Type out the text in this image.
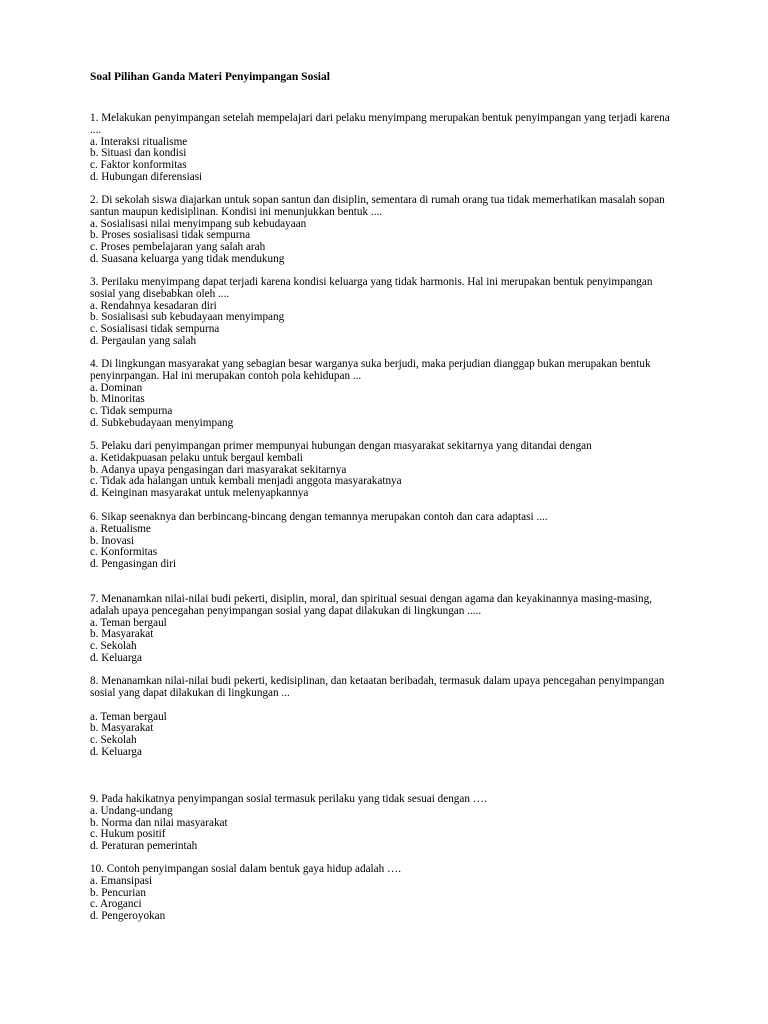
Soal Pilihan Ganda Materi Penyimpangan Sosial

1. Melakukan penyimpangan setelah mempelajari dari pelaku menyimpang merupakan bentuk penyimpangan yang terjadi karena ....

a. Interaksi ritualisme
b. Situasi dan kondisi
c. Faktor konformitas
d. Hubungan diferensiasi

2. Di sekolah siswa diajarkan untuk sopan santun dan disiplin, sementara di rumah orang tua tidak memerhatikan masalah sopan santun maupun kedisiplinan. Kondisi ini menunjukkan bentuk ....

a. Sosialisasi nilai menyimpang sub kebudayaan
b. Proses sosialisasi tidak sempurna
c. Proses pembelajaran yang salah arah
d. Suasana keluarga yang tidak mendukung

3. Perilaku menyimpang dapat terjadi karena kondisi keluarga yang tidak harmonis. Hal ini merupakan bentuk penyimpangan sosial yang disebabkan oleh ....

a. Rendahnya kesadaran diri
b. Sosialisasi sub kebudayaan menyimpang
c. Sosialisasi tidak sempurna
d. Pergaulan yang salah

4. Di lingkungan masyarakat yang sebagian besar warganya suka berjudi, maka perjudian dianggap bukan merupakan bentuk penyinrpangan. Hal ini merupakan contoh pola kehidupan ...

a. Dominan
b. Minoritas
c. Tidak sempurna
d. Subkebudayaan menyimpang

5. Pelaku dari penyimpangan primer mempunyai hubungan dengan masyarakat sekitarnya yang ditandai dengan

a. Ketidakpuasan pelaku untuk bergaul kembali
b. Adanya upaya pengasingan dari masyarakat sekitarnya
c. Tidak ada halangan untuk kembali menjadi anggota masyarakatnya
d. Keinginan masyarakat untuk melenyapkannya

6. Sikap seenaknya dan berbincang-bincang dengan temannya merupakan contoh dan cara adaptasi ....

a. Retualisme
b. Inovasi
c. Konformitas
d. Pengasingan diri

7. Menanamkan nilai-nilai budi pekerti, disiplin, moral, dan spiritual sesuai dengan agama dan keyakinannya masing-masing, adalah upaya pencegahan penyimpangan sosial yang dapat dilakukan di lingkungan .....

a. Teman bergaul
b. Masyarakat
c. Sekolah
d. Keluarga

8. Menanamkan nilai-nilai budi pekerti, kedisiplinan, dan ketaatan beribadah, termasuk dalam upaya pencegahan penyimpangan sosial yang dapat dilakukan di lingkungan ...

a. Teman bergaul
b. Masyarakat
c. Sekolah
d. Keluarga

9. Pada hakikatnya penyimpangan sosial termasuk perilaku yang tidak sesuai dengan ….

a. Undang-undang
b. Norma dan nilai masyarakat
c. Hukum positif
d. Peraturan pemerintah

10. Contoh penyimpangan sosial dalam bentuk gaya hidup adalah ….

a. Emansipasi
b. Pencurian
c. Aroganci
d. Pengeroyokan
